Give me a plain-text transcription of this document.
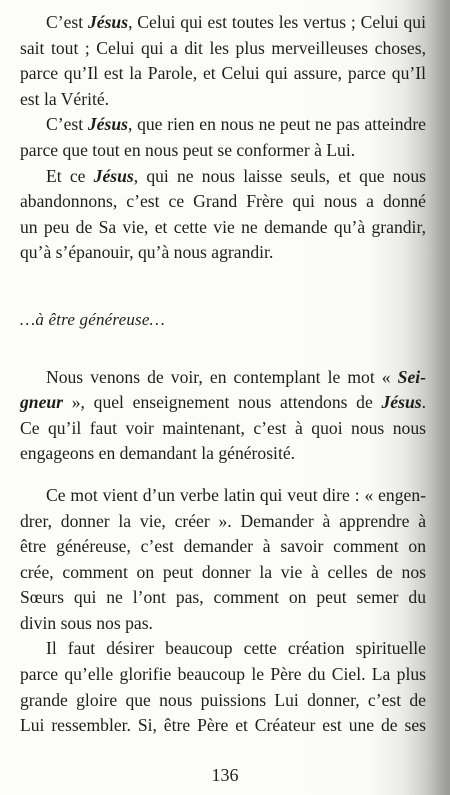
C’est Jésus, Celui qui est toutes les vertus ; Celui qui
sait tout ; Celui qui a dit les plus merveilleuses choses,
parce qu’Il est la Parole, et Celui qui assure, parce qu’Il
est la Vérité.
C’est Jésus, que rien en nous ne peut ne pas atteindre
parce que tout en nous peut se conformer à Lui.
Et ce Jésus, qui ne nous laisse seuls, et que nous
abandonnons, c’est ce Grand Frère qui nous a donné
un peu de Sa vie, et cette vie ne demande qu’à grandir,
qu’à s’épanouir, qu’à nous agrandir.
…à être généreuse…
Nous venons de voir, en contemplant le mot « Sei-
gneur », quel enseignement nous attendons de Jésus.
Ce qu’il faut voir maintenant, c’est à quoi nous nous
engageons en demandant la générosité.
Ce mot vient d’un verbe latin qui veut dire : « engen-
drer, donner la vie, créer ». Demander à apprendre à
être généreuse, c’est demander à savoir comment on
crée, comment on peut donner la vie à celles de nos
Sœurs qui ne l’ont pas, comment on peut semer du
divin sous nos pas.
Il faut désirer beaucoup cette création spirituelle
parce qu’elle glorifie beaucoup le Père du Ciel. La plus
grande gloire que nous puissions Lui donner, c’est de
Lui ressembler. Si, être Père et Créateur est une de ses
136
